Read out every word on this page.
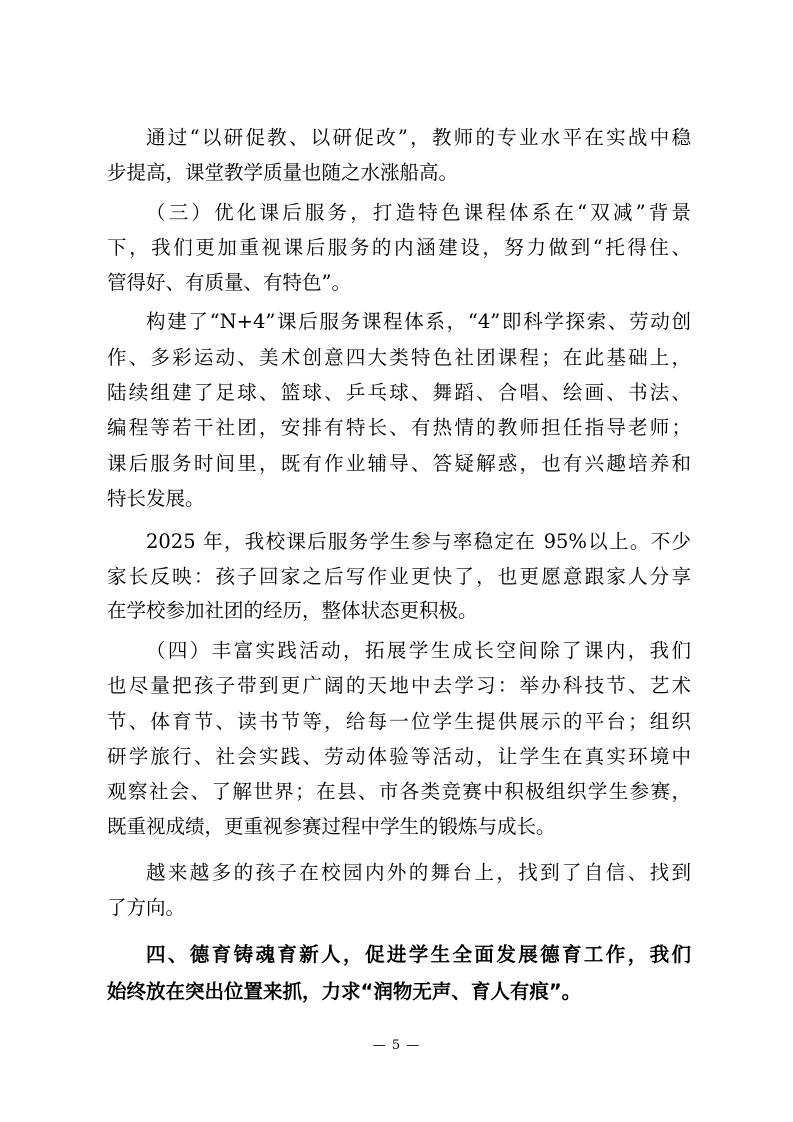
通过“以研促教、以研促改”，教师的专业水平在实战中稳
步提高，课堂教学质量也随之水涨船高。
（三）优化课后服务，打造特色课程体系在“双减”背景
下，我们更加重视课后服务的内涵建设，努力做到“托得住、
管得好、有质量、有特色”。
构建了“N+4”课后服务课程体系，“4”即科学探索、劳动创
作、多彩运动、美术创意四大类特色社团课程；在此基础上，
陆续组建了足球、篮球、乒乓球、舞蹈、合唱、绘画、书法、
编程等若干社团，安排有特长、有热情的教师担任指导老师；
课后服务时间里，既有作业辅导、答疑解惑，也有兴趣培养和
特长发展。
2025 年，我校课后服务学生参与率稳定在 95%以上。不少
家长反映：孩子回家之后写作业更快了，也更愿意跟家人分享
在学校参加社团的经历，整体状态更积极。
（四）丰富实践活动，拓展学生成长空间除了课内，我们
也尽量把孩子带到更广阔的天地中去学习：举办科技节、艺术
节、体育节、读书节等，给每一位学生提供展示的平台；组织
研学旅行、社会实践、劳动体验等活动，让学生在真实环境中
观察社会、了解世界；在县、市各类竞赛中积极组织学生参赛，
既重视成绩，更重视参赛过程中学生的锻炼与成长。
越来越多的孩子在校园内外的舞台上，找到了自信、找到
了方向。
四、德育铸魂育新人，促进学生全面发展德育工作，我们
始终放在突出位置来抓，力求“润物无声、育人有痕”。
— 5 —
